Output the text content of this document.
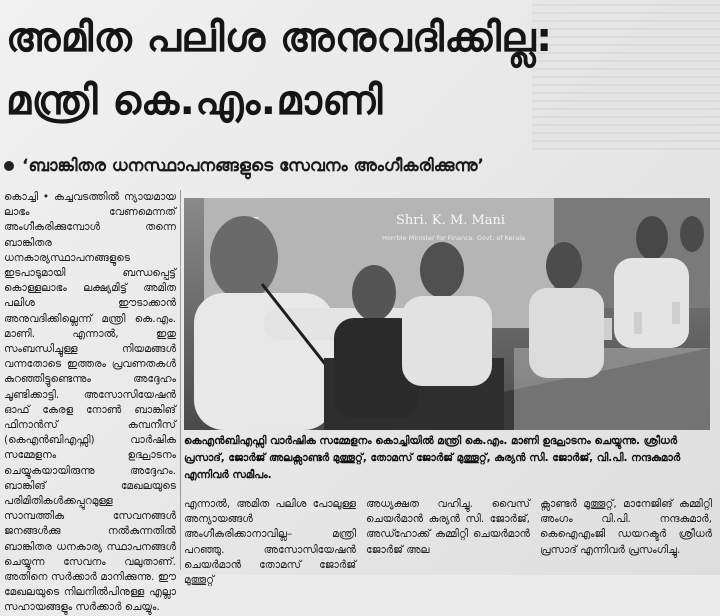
അമിത പലിശ അനുവദിക്കില്ല:
മന്ത്രി കെ.എം.മാണി
‘ബാങ്കിതര ധനസ്ഥാപനങ്ങളുടെ സേവനം അംഗീകരിക്കുന്നു’
കൊച്ചി • കച്ചവടത്തിൽ ന്യായമായ ലാഭം വേണമെന്നത് അംഗീകരിക്കുമ്പോൾ തന്നെ ബാങ്കിതര ധനകാര്യസ്ഥാപനങ്ങളുടെ ഇടപാടുമായി ബന്ധപ്പെട്ട് കൊള്ളലാഭം ലക്ഷ്യമിട്ട് അമിത പലിശ ഈടാക്കാൻ അനുവദിക്കില്ലെന്ന് മന്ത്രി കെ.എം. മാണി. എന്നാൽ, ഇതു സംബന്ധിച്ചുള്ള നിയമങ്ങൾ വന്നതോടെ ഇത്തരം പ്രവണതകൾ കുറഞ്ഞിട്ടുണ്ടെന്നും അദ്ദേഹം ചൂണ്ടിക്കാട്ടി. അസോസിയേഷൻ ഓഫ് കേരള നോൺ ബാങ്കിങ് ഫിനാൻസ് കമ്പനീസ് (കെഎൻബിഎഫ്സി) വാർഷിക സമ്മേളനം ഉദ്ഘാടനം ചെയ്യുകയായിരുന്നു അദ്ദേഹം. ബാങ്കിങ് മേഖലയുടെ പരിമിതികൾക്കപ്പുറമുള്ള സാമ്പത്തിക സേവനങ്ങൾ ജനങ്ങൾക്കു നൽകുന്നതിൽ ബാങ്കിതര ധനകാര്യ സ്ഥാപനങ്ങൾ ചെയ്യുന്ന സേവനം വലുതാണ്. അതിനെ സർക്കാർ മാനിക്കുന്നു. ഈ മേഖലയുടെ നിലനിൽപിനുള്ള എല്ലാ സഹായങ്ങളും സർക്കാർ ചെയ്യും.
Shri. K. M. Mani
Hon'ble Minister for Finance, Govt. of Kerala
കെഎൻബിഎഫ്സി വാർഷിക സമ്മേളനം കൊച്ചിയിൽ മന്ത്രി കെ.എം. മാണി ഉദ്ഘാടനം ചെയ്യുന്നു. ശ്രീധർ പ്രസാദ്, ജോർജ് അലക്സാണ്ടർ മുത്തൂറ്റ്, തോമസ് ജോർജ് മുത്തൂറ്റ്, കുര്യൻ സി. ജോർജ്, വി.പി. നന്ദകുമാർ എന്നിവർ സമീപം.
എന്നാൽ, അമിത പലിശ പോലുള്ള അന്യായങ്ങൾ അംഗീകരിക്കാനാവില്ല– മന്ത്രി പറഞ്ഞു. അസോസിയേഷൻ ചെയർമാൻ തോമസ് ജോർജ് മുത്തൂറ്റ്
അധ്യക്ഷത വഹിച്ചു. വൈസ് ചെയർമാൻ കുര്യൻ സി. ജോർജ്, അഡ്ഹോക്ക് കമ്മിറ്റി ചെയർമാൻ ജോർജ് അല
ക്സാണ്ടർ മുത്തൂറ്റ്, മാനേജിങ് കമ്മിറ്റി അംഗം വി.പി. നന്ദകുമാർ, കെഐഎംജി ഡയറക്ടർ ശ്രീധർ പ്രസാദ് എന്നിവർ പ്രസംഗിച്ചു.
